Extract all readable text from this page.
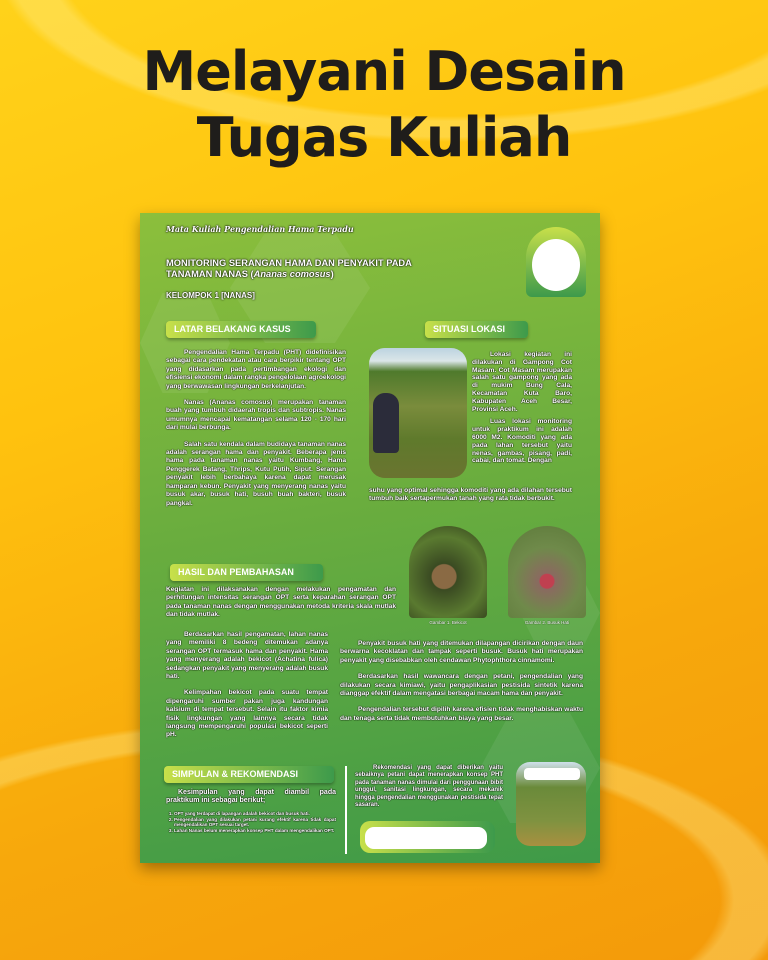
Melayani Desain
Tugas Kuliah
Mata Kuliah Pengendalian Hama Terpadu
MONITORING SERANGAN HAMA DAN PENYAKIT PADA
TANAMAN NANAS (Ananas comosus)
KELOMPOK 1 [NANAS]
LATAR BELAKANG KASUS	SITUASI LOKASI

Pengendalian Hama Terpadu (PHT) didefinisikan sebagai cara pendekatan atau cara berpikir tentang OPT yang didasarkan pada pertimbangan ekologi dan efisiensi ekonomi dalam rangka pengelolaan agroekologi yang berwawasan lingkungan berkelanjutan.

Nanas (Ananas comosus) merupakan tanaman buah yang tumbuh didaerah tropis dan subtropis. Nanas umumnya mencapai kematangan selama 120 - 170 hari dari mulai berbunga.

Salah satu kendala dalam budidaya tanaman nanas adalah serangan hama dan penyakit. Beberapa jenis hama pada tanaman nanas yaitu Kumbang, Hama Penggerek Batang, Thrips, Kutu Putih, Siput. Serangan penyakit lebih berbahaya karena dapat merusak hamparan kebun. Penyakit yang menyerang nanas yaitu busuk akar, busuk hati, busuh buah bakteri, busuk pangkal.

Lokasi kegiatan ini dilakukan di Gampong Cot Masam. Cot Masam merupakan salah satu gampong yang ada di mukim Bung Cala, Kecamatan Kuta Baro, Kabupaten Aceh Besar, Provinsi Aceh.

Luas lokasi monitoring untuk praktikum ini adalah 6000 M2. Komoditi yang ada pada lahan tersebut yaitu nenas, gambas, pisang, padi, cabai, dan tomat. Dengan

suhu yang optimal sehingga komoditi yang ada dilahan tersebut tumbuh baik sertapermukan tanah yang rata tidak berbukit.
Gambar 1. Bekicot	Gambar 2. Busuk Hati
HASIL DAN PEMBAHASAN
Kegiatan ini dilaksanakan dengan melakukan pengamatan dan perhitungan intensitas serangan OPT serta keparahan serangan OPT pada tanaman nanas dengan menggunakan metoda kriteria skala mutlak dan tidak mutlak.

Berdasarkan hasil pengamatan, lahan nanas yang memiliki 8 bedeng ditemukan adanya serangan OPT termasuk hama dan penyakit. Hama yang menyerang adalah bekicot (Achatina fulica) sedangkan penyakit yang menyerang adalah busuk hati.

Kelimpahan bekicot pada suatu tempat dipengaruhi sumber pakan juga kandungan kalsium di tempat tersebut. Selain itu faktor kimia fisik lingkungan yang lainnya secara tidak langsung mempengaruhi populasi bekicot seperti pH.

Penyakit busuk hati yang ditemukan dilapangan dicirikan dengan daun berwarna kecoklatan dan tampak seperti busuk. Busuk hati merupakan penyakit yang disebabkan oleh cendawan Phytophthora cinnamomi.

Berdasarkan hasil wawancara dengan petani, pengendalian yang dilakukan secara kimiawi, yaitu pengaplikasian pestisida sintetik karena dianggap efektif dalam mengatasi berbagai macam hama dan penyakit.

Pengendalian tersebut dipilih karena efisien tidak menghabiskan waktu dan tenaga serta tidak membutuhkan biaya yang besar.

SIMPULAN & REKOMENDASI
Kesimpulan yang dapat diambil pada praktikum ini sebagai berikut;
1. OPT yang terdapat di lapangan adalah bekicot dan busuk hati.
2. Pengendalian yang dilakukan petani kurang efektif karena tidak dapat mengendalikan OPT sesuai target.
3. Lahan Nanas belum menerapkan konsep PHT dalam mengendalikan OPT.
Rekomendasi yang dapat diberikan yaitu sebaiknya petani dapat menerapkan konsep PHT pada tanaman nanas dimulai dari penggunaan bibit unggul, sanitasi lingkungan, secara mekanik hingga pengendalian menggunakan pestisida tepat sasaran.
